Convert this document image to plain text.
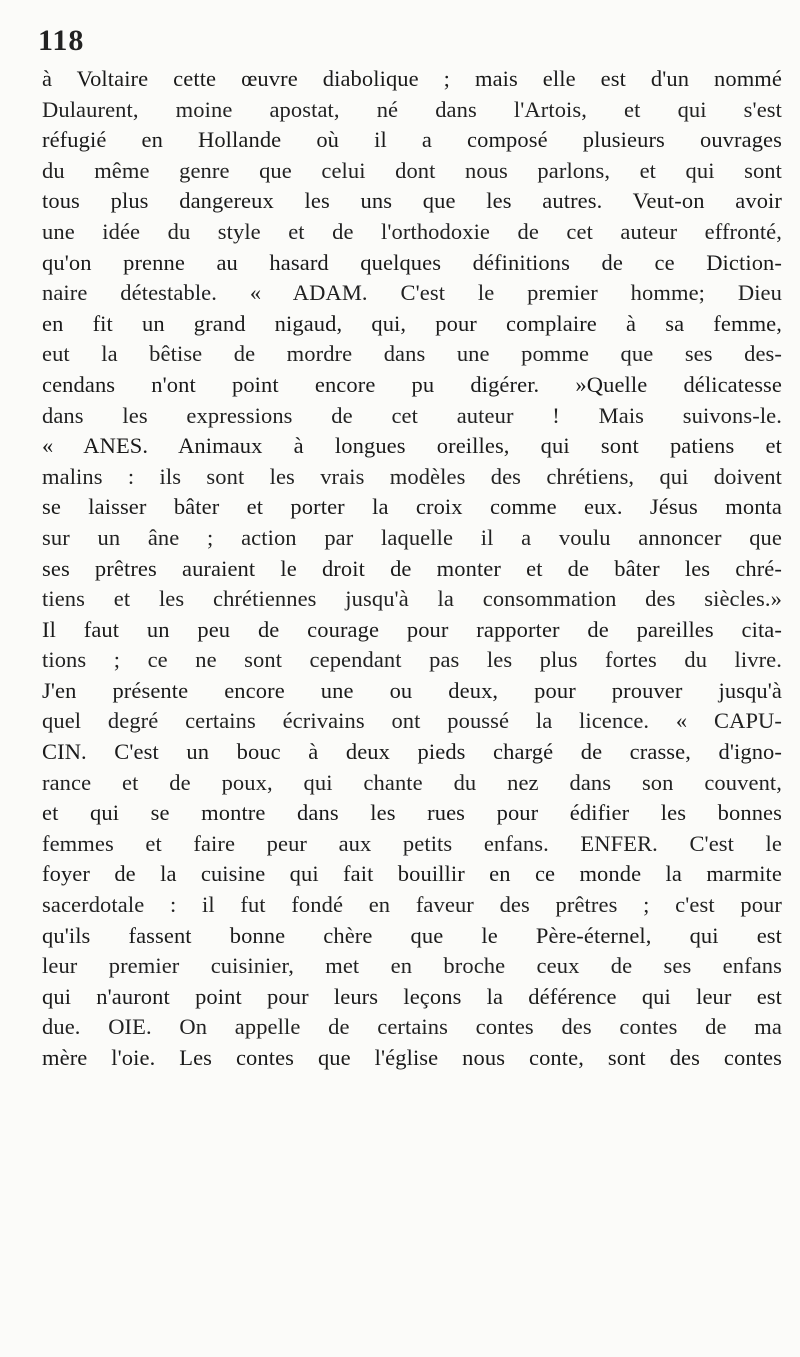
118
à Voltaire cette œuvre diabolique ; mais elle est d'un nommé
Dulaurent, moine apostat, né dans l'Artois, et qui s'est
réfugié en Hollande où il a composé plusieurs ouvrages
du même genre que celui dont nous parlons, et qui sont
tous plus dangereux les uns que les autres. Veut-on avoir
une idée du style et de l'orthodoxie de cet auteur effronté,
qu'on prenne au hasard quelques définitions de ce Diction-
naire détestable. « ADAM. C'est le premier homme; Dieu
en fit un grand nigaud, qui, pour complaire à sa femme,
eut la bêtise de mordre dans une pomme que ses des-
cendans n'ont point encore pu digérer. »Quelle délicatesse
dans les expressions de cet auteur ! Mais suivons-le.
« ANES. Animaux à longues oreilles, qui sont patiens et
malins : ils sont les vrais modèles des chrétiens, qui doivent
se laisser bâter et porter la croix comme eux. Jésus monta
sur un âne ; action par laquelle il a voulu annoncer que
ses prêtres auraient le droit de monter et de bâter les chré-
tiens et les chrétiennes jusqu'à la consommation des siècles.»
Il faut un peu de courage pour rapporter de pareilles cita-
tions ; ce ne sont cependant pas les plus fortes du livre.
J'en présente encore une ou deux, pour prouver jusqu'à
quel degré certains écrivains ont poussé la licence. « CAPU-
CIN. C'est un bouc à deux pieds chargé de crasse, d'igno-
rance et de poux, qui chante du nez dans son couvent,
et qui se montre dans les rues pour édifier les bonnes
femmes et faire peur aux petits enfans. ENFER. C'est le
foyer de la cuisine qui fait bouillir en ce monde la marmite
sacerdotale : il fut fondé en faveur des prêtres ; c'est pour
qu'ils fassent bonne chère que le Père-éternel, qui est
leur premier cuisinier, met en broche ceux de ses enfans
qui n'auront point pour leurs leçons la déférence qui leur est
due. OIE. On appelle de certains contes des contes de ma
mère l'oie. Les contes que l'église nous conte, sont des contes
